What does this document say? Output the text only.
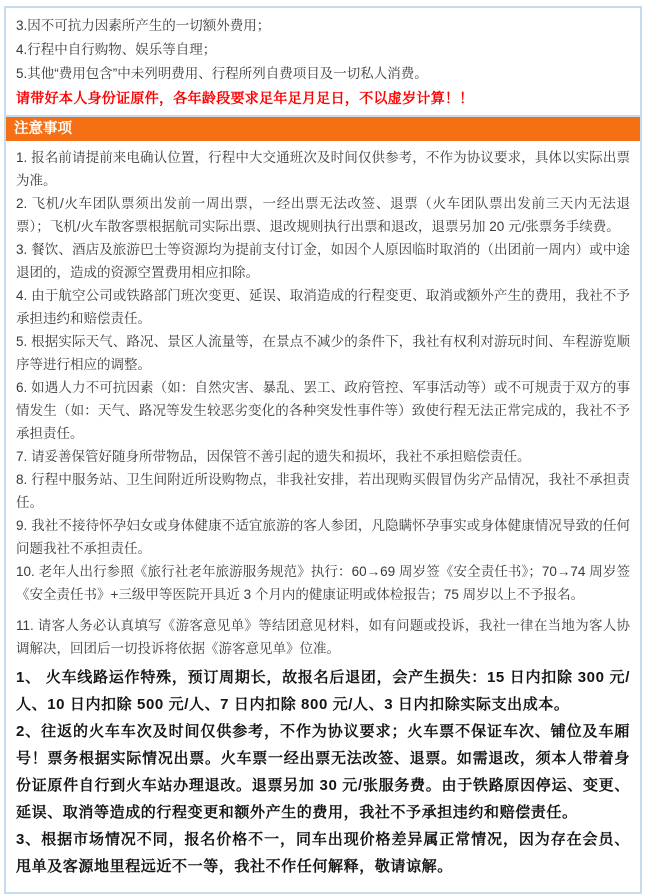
3.因不可抗力因素所产生的一切额外费用；

4.行程中自行购物、娱乐等自理；

5.其他“费用包含”中未列明费用、行程所列自费项目及一切私人消费。

请带好本人身份证原件，各年龄段要求足年足月足日，不以虚岁计算！！

注意事项

1. 报名前请提前来电确认位置，行程中大交通班次及时间仅供参考，不作为协议要求，具体以实际出票为准。

2. 飞机/火车团队票须出发前一周出票，一经出票无法改签、退票（火车团队票出发前三天内无法退票）；飞机/火车散客票根据航司实际出票、退改规则执行出票和退改，退票另加 20 元/张票务手续费。

3. 餐饮、酒店及旅游巴士等资源均为提前支付订金，如因个人原因临时取消的（出团前一周内）或中途退团的，造成的资源空置费用相应扣除。

4. 由于航空公司或铁路部门班次变更、延误、取消造成的行程变更、取消或额外产生的费用，我社不予承担违约和赔偿责任。

5. 根据实际天气、路况、景区人流量等，在景点不减少的条件下，我社有权利对游玩时间、车程游览顺序等进行相应的调整。

6. 如遇人力不可抗因素（如：自然灾害、暴乱、罢工、政府管控、军事活动等）或不可规责于双方的事情发生（如：天气、路况等发生较恶劣变化的各种突发性事件等）致使行程无法正常完成的，我社不予承担责任。

7. 请妥善保管好随身所带物品，因保管不善引起的遗失和损坏，我社不承担赔偿责任。

8. 行程中服务站、卫生间附近所设购物点，非我社安排，若出现购买假冒伪劣产品情况，我社不承担责任。

9. 我社不接待怀孕妇女或身体健康不适宜旅游的客人参团，凡隐瞒怀孕事实或身体健康情况导致的任何问题我社不承担责任。

10. 老年人出行参照《旅行社老年旅游服务规范》执行：60→69 周岁签《安全责任书》；70→74 周岁签《安全责任书》+三级甲等医院开具近 3 个月内的健康证明或体检报告；75 周岁以上不予报名。

11. 请客人务必认真填写《游客意见单》等结团意见材料，如有问题或投诉，我社一律在当地为客人协调解决，回团后一切投诉将依据《游客意见单》位准。

1、 火车线路运作特殊，预订周期长，故报名后退团，会产生损失：15 日内扣除 300 元/人、10 日内扣除 500 元/人、7 日内扣除 800 元/人、3 日内扣除实际支出成本。

2、往返的火车车次及时间仅供参考，不作为协议要求；火车票不保证车次、铺位及车厢号！票务根据实际情况出票。火车票一经出票无法改签、退票。如需退改，须本人带着身份证原件自行到火车站办理退改。退票另加 30 元/张服务费。由于铁路原因停运、变更、延误、取消等造成的行程变更和额外产生的费用，我社不予承担违约和赔偿责任。

3、根据市场情况不同，报名价格不一，同车出现价格差异属正常情况，因为存在会员、甩单及客源地里程远近不一等，我社不作任何解释，敬请谅解。
